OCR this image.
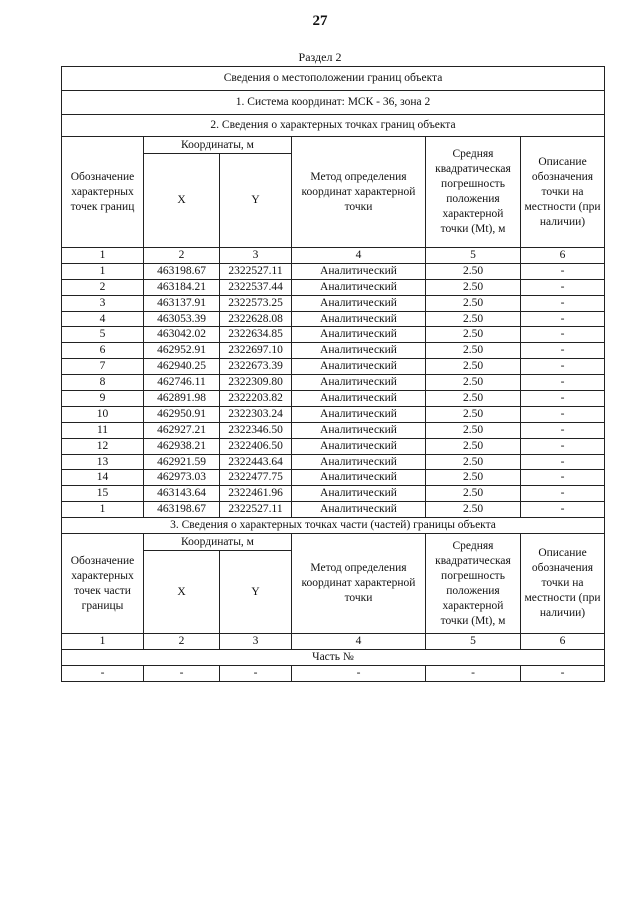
27
Раздел 2
Сведения о местоположении границ объекта					
1. Система координат: МСК - 36, зона 2					
2. Сведения о характерных точках границ объекта					
Обозначение характерных точек границ	Координаты, м		Метод определения координат характерной точки	Средняя квадратическая погрешность положения характерной точки (Mt), м	Описание обозначения точки на местности (при наличии)
	X	Y			
1	2	3	4	5	6
1	463198.67	2322527.11	Аналитический	2.50	-
2	463184.21	2322537.44	Аналитический	2.50	-
3	463137.91	2322573.25	Аналитический	2.50	-
4	463053.39	2322628.08	Аналитический	2.50	-
5	463042.02	2322634.85	Аналитический	2.50	-
6	462952.91	2322697.10	Аналитический	2.50	-
7	462940.25	2322673.39	Аналитический	2.50	-
8	462746.11	2322309.80	Аналитический	2.50	-
9	462891.98	2322203.82	Аналитический	2.50	-
10	462950.91	2322303.24	Аналитический	2.50	-
11	462927.21	2322346.50	Аналитический	2.50	-
12	462938.21	2322406.50	Аналитический	2.50	-
13	462921.59	2322443.64	Аналитический	2.50	-
14	462973.03	2322477.75	Аналитический	2.50	-
15	463143.64	2322461.96	Аналитический	2.50	-
1	463198.67	2322527.11	Аналитический	2.50	-
3. Сведения о характерных точках части (частей) границы объекта					
Обозначение характерных точек части границы	Координаты, м		Метод определения координат характерной точки	Средняя квадратическая погрешность положения характерной точки (Mt), м	Описание обозначения точки на местности (при наличии)
	X	Y			
1	2	3	4	5	6
Часть №					
-	-	-	-	-	-
